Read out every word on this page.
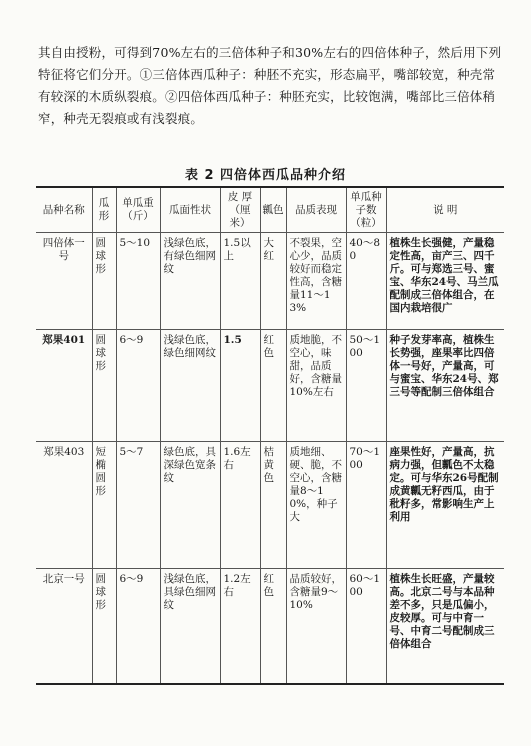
其自由授粉，可得到70%左右的三倍体种子和30%左右的四倍体种子，然后用下列特征将它们分开。①三倍体西瓜种子：种胚不充实，形态扁平，嘴部较宽，种壳常有较深的木质纵裂痕。②四倍体西瓜种子：种胚充实，比较饱满，嘴部比三倍体稍窄，种壳无裂痕或有浅裂痕。

表 2 四倍体西瓜品种介绍
品种名称	瓜形	单瓜重（斤）	瓜面性状	皮 厚（厘米）	瓤色	品质表现	单瓜种子数（粒）	说 明
四倍体一号	圆球形	5～10	浅绿色底，有绿色细网纹	1.5以上	大红	不裂果，空心少，品质较好而稳定性高，含糖量11～13%	40～80	植株生长强健，产量稳定性高，亩产三、四千斤。可与郑选三号、蜜宝、华东24号、马兰瓜配制成三倍体组合，在国内栽培很广
郑果401	圆球形	6～9	浅绿色底，绿色细网纹	1.5	红色	质地脆，不空心，味甜，品质好，含糖量10%左右	50～100	种子发芽率高，植株生长势强，座果率比四倍体一号好，产量高，可与蜜宝、华东24号、郑三号等配制三倍体组合
郑果403	短椭圆形	5～7	绿色底，具深绿色宽条纹	1.6左右	桔黄色	质地细、硬、脆，不空心，含糖量8～10%，种子大	70～100	座果性好，产量高，抗病力强，但瓤色不太稳定。可与华东26号配制成黄瓤无籽西瓜，由于秕籽多，常影响生产上利用
北京一号	圆球形	6～9	浅绿色底，具绿色细网纹	1.2左右	红色	品质较好，含糖量9～10%	60～100	植株生长旺盛，产量较高。北京二号与本品种差不多，只是瓜偏小，皮较厚。可与中育一号、中育二号配制成三倍体组合
